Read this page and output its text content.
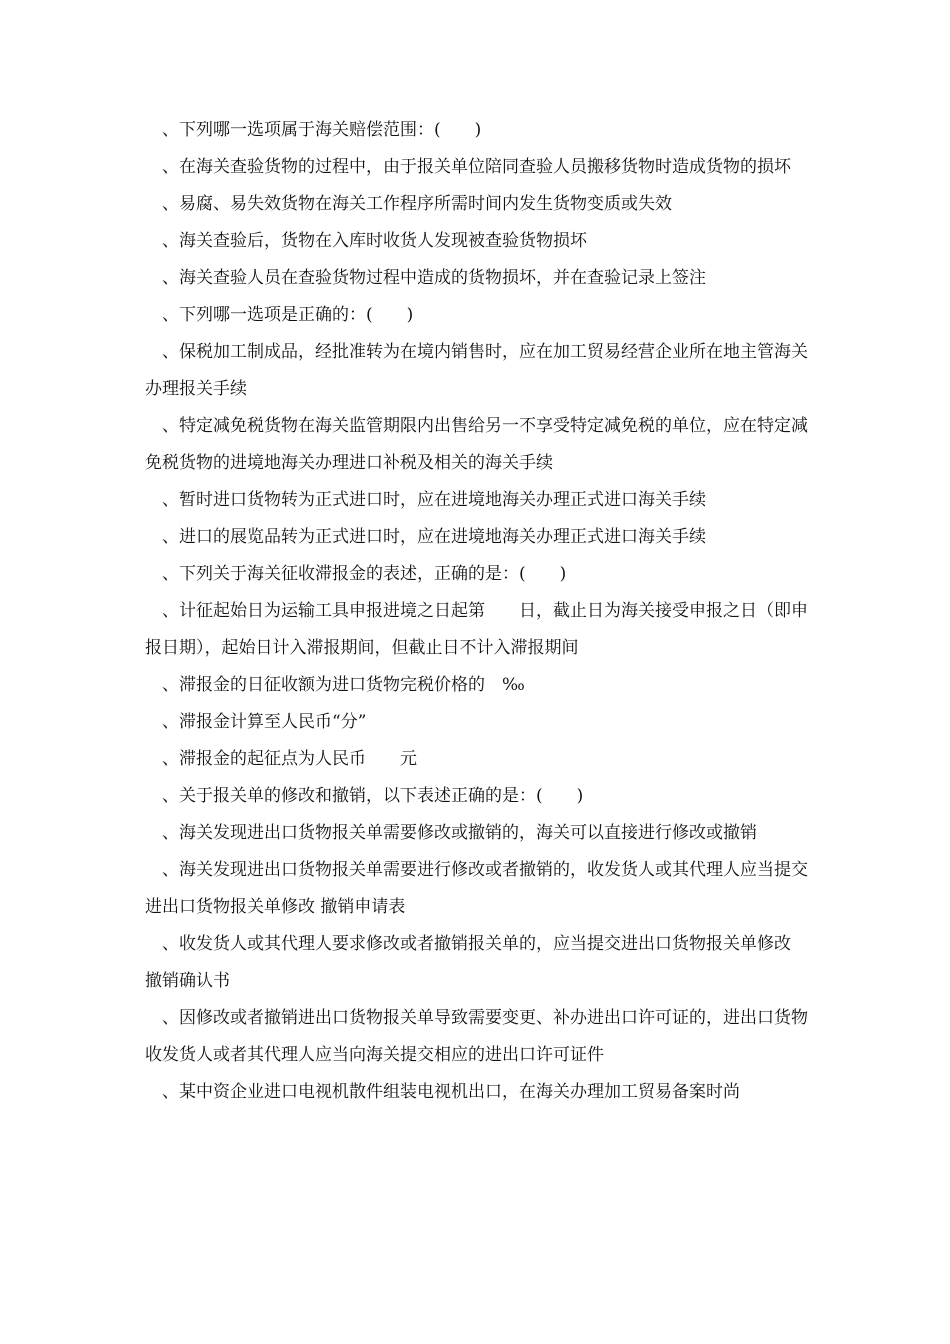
、下列哪一选项属于海关赔偿范围：(　　)

、在海关查验货物的过程中，由于报关单位陪同查验人员搬移货物时造成货物的损坏

、易腐、易失效货物在海关工作程序所需时间内发生货物变质或失效

、海关查验后，货物在入库时收货人发现被查验货物损坏

、海关查验人员在查验货物过程中造成的货物损坏，并在查验记录上签注

、下列哪一选项是正确的：(　　)

、保税加工制成品，经批准转为在境内销售时，应在加工贸易经营企业所在地主管海关办理报关手续

、特定减免税货物在海关监管期限内出售给另一不享受特定减免税的单位，应在特定减免税货物的进境地海关办理进口补税及相关的海关手续

、暂时进口货物转为正式进口时，应在进境地海关办理正式进口海关手续

、进口的展览品转为正式进口时，应在进境地海关办理正式进口海关手续

、下列关于海关征收滞报金的表述，正确的是：(　　)

、计征起始日为运输工具申报进境之日起第　　日，截止日为海关接受申报之日（即申报日期），起始日计入滞报期间，但截止日不计入滞报期间

、滞报金的日征收额为进口货物完税价格的　‰

、滞报金计算至人民币“分”

、滞报金的起征点为人民币　　元

、关于报关单的修改和撤销，以下表述正确的是：(　　)

、海关发现进出口货物报关单需要修改或撤销的，海关可以直接进行修改或撤销

、海关发现进出口货物报关单需要进行修改或者撤销的，收发货人或其代理人应当提交进出口货物报关单修改 撤销申请表

、收发货人或其代理人要求修改或者撤销报关单的，应当提交进出口货物报关单修改 撤销确认书

、因修改或者撤销进出口货物报关单导致需要变更、补办进出口许可证的，进出口货物收发货人或者其代理人应当向海关提交相应的进出口许可证件

、某中资企业进口电视机散件组装电视机出口，在海关办理加工贸易备案时尚
